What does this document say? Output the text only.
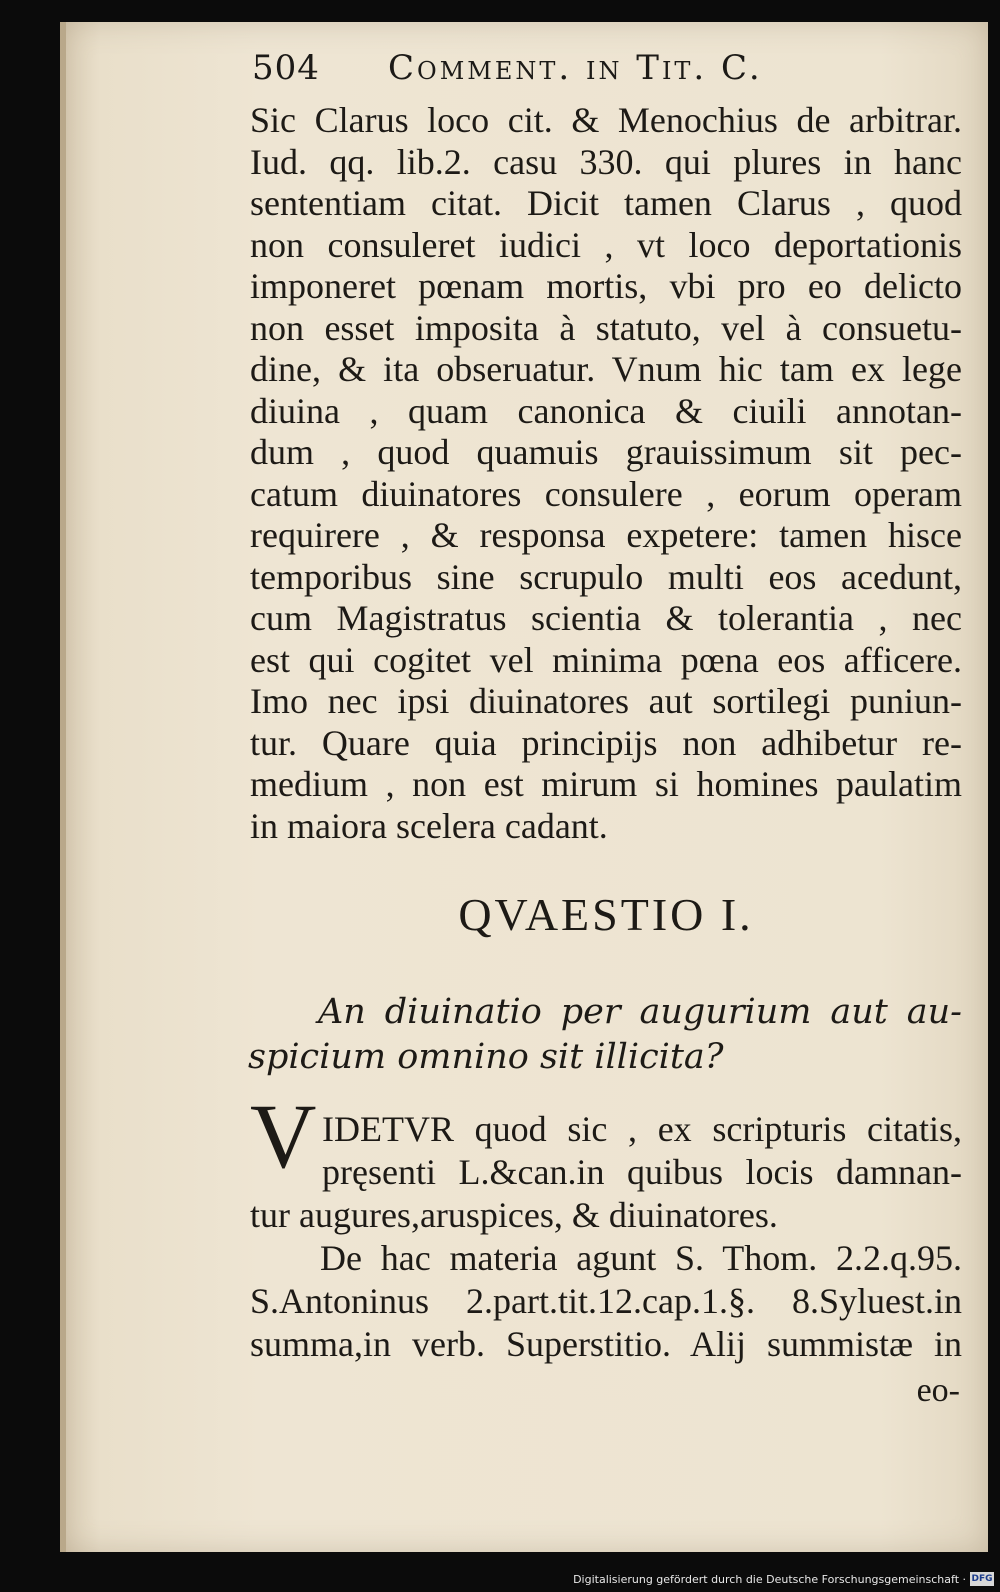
504 Comment. in Tit. C.
Sic Clarus loco cit. & Menochius de arbitrar.
Iud. qq. lib.2. casu 330. qui plures in hanc
sententiam citat. Dicit tamen Clarus , quod
non consuleret iudici , vt loco deportationis
imponeret pœnam mortis, vbi pro eo delicto
non esset imposita à statuto, vel à consuetu-
dine, & ita obseruatur. Vnum hic tam ex lege
diuina , quam canonica & ciuili annotan-
dum , quod quamuis grauissimum sit pec-
catum diuinatores consulere , eorum operam
requirere , & responsa expetere: tamen hisce
temporibus sine scrupulo multi eos acedunt,
cum Magistratus scientia & tolerantia , nec
est qui cogitet vel minima pœna eos afficere.
Imo nec ipsi diuinatores aut sortilegi puniun-
tur. Quare quia principijs non adhibetur re-
medium , non est mirum si homines paulatim
in maiora scelera cadant.
QVAESTIO I.
An diuinatio per augurium aut au-
spicium omnino sit illicita?
V IDETVR quod sic , ex scripturis citatis,
pręsenti L.&can.in quibus locis damnan-
tur augures,aruspices, & diuinatores.
De hac materia agunt S. Thom. 2.2.q.95.
S.Antoninus 2.part.tit.12.cap.1.§. 8.Syluest.in
summa,in verb. Superstitio. Alij summistæ in
eo-
Digitalisierung gefördert durch die Deutsche Forschungsgemeinschaft · DFG
